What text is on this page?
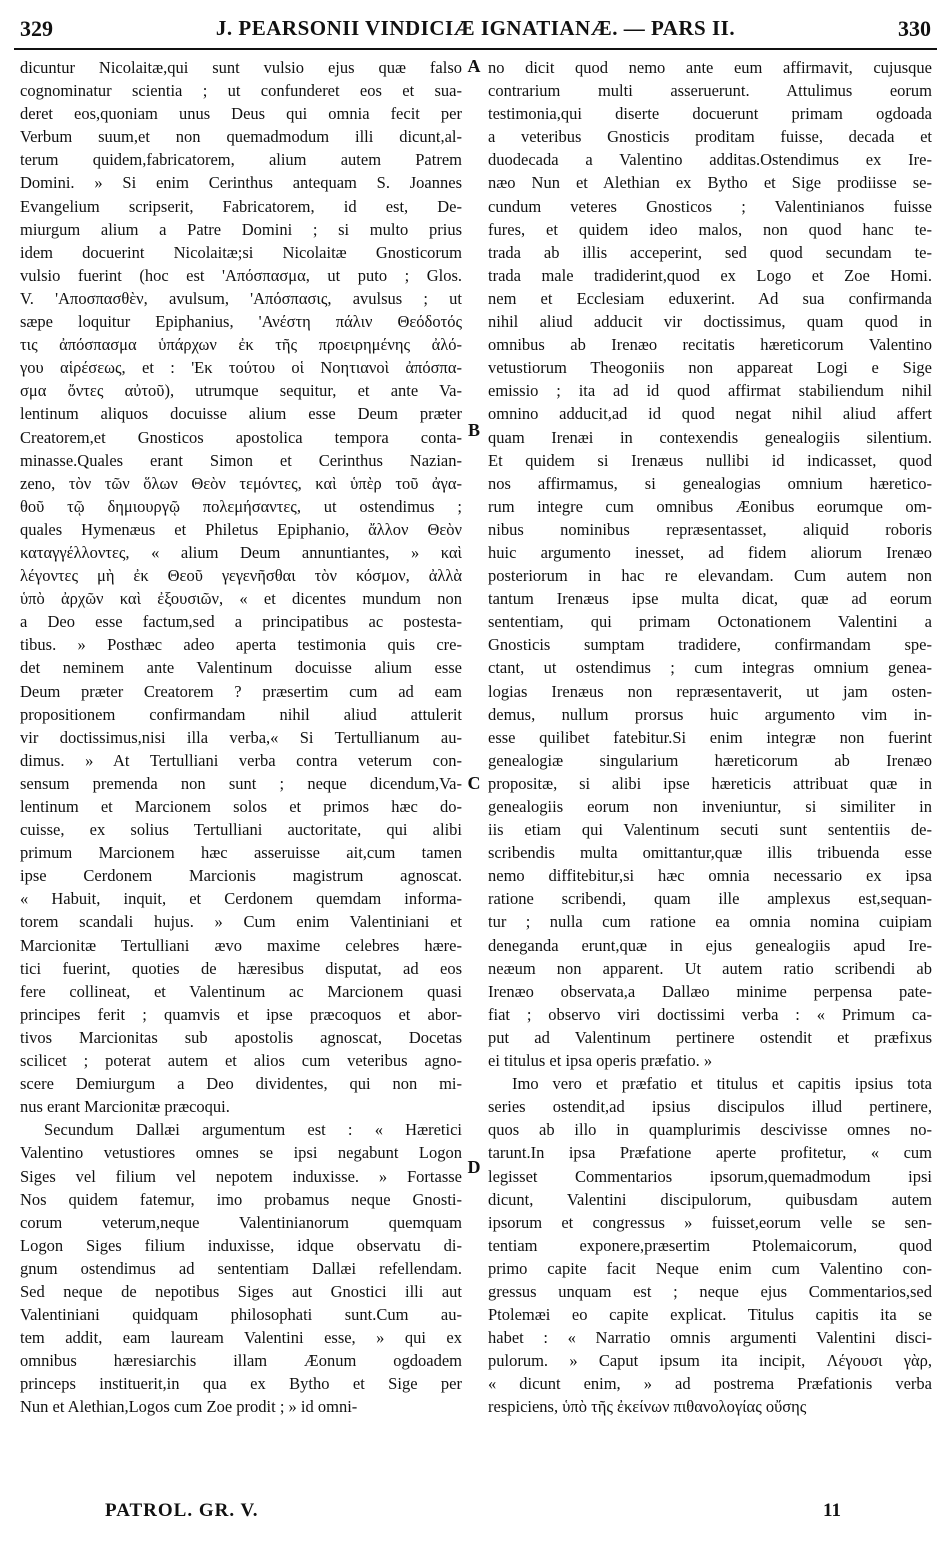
329	J. PEARSONII VINDICIÆ IGNATIANÆ. — PARS II.	330
dicuntur Nicolaitæ,qui sunt vulsio ejus quæ falso
cognominatur scientia ; ut confunderet eos et sua-
deret eos,quoniam unus Deus qui omnia fecit per
Verbum suum,et non quemadmodum illi dicunt,al-
terum quidem,fabricatorem, alium autem Patrem
Domini. » Si enim Cerinthus antequam S. Joannes
Evangelium scripserit, Fabricatorem, id est, De-
miurgum alium a Patre Domini ; si multo prius
idem docuerint Nicolaitæ;si Nicolaitæ Gnosticorum
vulsio fuerint (hoc est 'Απόσπασμα, ut puto ; Glos.
V. 'Αποσπασθὲν, avulsum, 'Απόσπασις, avulsus ; ut
sæpe loquitur Epiphanius, 'Ανέστη πάλιν Θεόδοτός
τις ἀπόσπασμα ὑπάρχων ἐκ τῆς προειρημένης ἀλό-
γου αἱρέσεως, et : 'Εκ τούτου οἱ Νοητιανοὶ ἀπόσπα-
σμα ὄντες αὐτοῦ), utrumque sequitur, et ante Va-
lentinum aliquos docuisse alium esse Deum præter
Creatorem,et Gnosticos apostolica tempora conta-
minasse.Quales erant Simon et Cerinthus Nazian-
zeno, τὸν τῶν ὅλων Θεὸν τεμόντες, καὶ ὑπὲρ τοῦ ἀγα-
θοῦ τῷ δημιουργῷ πολεμήσαντες, ut ostendimus ;
quales Hymenæus et Philetus Epiphanio, ἄλλον Θεὸν
καταγγέλλοντες, « alium Deum annuntiantes, » καὶ
λέγοντες μὴ ἐκ Θεοῦ γεγενῆσθαι τὸν κόσμον, ἀλλὰ
ὑπὸ ἀρχῶν καὶ ἐξουσιῶν, « et dicentes mundum non
a Deo esse factum,sed a principatibus ac postesta-
tibus. » Posthæc adeo aperta testimonia quis cre-
det neminem ante Valentinum docuisse alium esse
Deum præter Creatorem ? præsertim cum ad eam
propositionem confirmandam nihil aliud attulerit
vir doctissimus,nisi illa verba,« Si Tertullianum au-
dimus. » At Tertulliani verba contra veterum con-
sensum premenda non sunt ; neque dicendum,Va-
lentinum et Marcionem solos et primos hæc do-
cuisse, ex solius Tertulliani auctoritate, qui alibi
primum Marcionem hæc asseruisse ait,cum tamen
ipse Cerdonem Marcionis magistrum agnoscat.
« Habuit, inquit, et Cerdonem quemdam informa-
torem scandali hujus. » Cum enim Valentiniani et
Marcionitæ Tertulliani ævo maxime celebres hære-
tici fuerint, quoties de hæresibus disputat, ad eos
fere collineat, et Valentinum ac Marcionem quasi
principes ferit ; quamvis et ipse præcoquos et abor-
tivos Marcionitas sub apostolis agnoscat, Docetas
scilicet ; poterat autem et alios cum veteribus agno-
scere Demiurgum a Deo dividentes, qui non mi-
nus erant Marcionitæ præcoqui.
Secundum Dallæi argumentum est : « Hæretici
Valentino vetustiores omnes se ipsi negabunt Logon
Siges vel filium vel nepotem induxisse. » Fortasse
Nos quidem fatemur, imo probamus neque Gnosti-
corum veterum,neque Valentinianorum quemquam
Logon Siges filium induxisse, idque observatu di-
gnum ostendimus ad sententiam Dallæi refellendam.
Sed neque de nepotibus Siges aut Gnostici illi aut
Valentiniani quidquam philosophati sunt.Cum au-
tem addit, eam lauream Valentini esse, » qui ex
omnibus hæresiarchis illam Æonum ogdoadem
princeps instituerit,in qua ex Bytho et Sige per
Nun et Alethian,Logos cum Zoe prodit ; » id omni-
A
B
C
D
no dicit quod nemo ante eum affirmavit, cujusque
contrarium multi asseruerunt. Attulimus eorum
testimonia,qui diserte docuerunt primam ogdoada
a veteribus Gnosticis proditam fuisse, decada et
duodecada a Valentino additas.Ostendimus ex Ire-
næo Nun et Alethian ex Bytho et Sige prodiisse se-
cundum veteres Gnosticos ; Valentinianos fuisse
fures, et quidem ideo malos, non quod hanc te-
trada ab illis acceperint, sed quod secundam te-
trada male tradiderint,quod ex Logo et Zoe Homi.
nem et Ecclesiam eduxerint. Ad sua confirmanda
nihil aliud adducit vir doctissimus, quam quod in
omnibus ab Irenæo recitatis hæreticorum Valentino
vetustiorum Theogoniis non appareat Logi e Sige
emissio ; ita ad id quod affirmat stabiliendum nihil
omnino adducit,ad id quod negat nihil aliud affert
quam Irenæi in contexendis genealogiis silentium.
Et quidem si Irenæus nullibi id indicasset, quod
nos affirmamus, si genealogias omnium hæretico-
rum integre cum omnibus Æonibus eorumque om-
nibus nominibus repræsentasset, aliquid roboris
huic argumento inesset, ad fidem aliorum Irenæo
posteriorum in hac re elevandam. Cum autem non
tantum Irenæus ipse multa dicat, quæ ad eorum
sententiam, qui primam Octonationem Valentini a
Gnosticis sumptam tradidere, confirmandam spe-
ctant, ut ostendimus ; cum integras omnium genea-
logias Irenæus non repræsentaverit, ut jam osten-
demus, nullum prorsus huic argumento vim in-
esse quilibet fatebitur.Si enim integræ non fuerint
genealogiæ singularium hæreticorum ab Irenæo
propositæ, si alibi ipse hæreticis attribuat quæ in
genealogiis eorum non inveniuntur, si similiter in
iis etiam qui Valentinum secuti sunt sententiis de-
scribendis multa omittantur,quæ illis tribuenda esse
nemo diffitebitur,si hæc omnia necessario ex ipsa
ratione scribendi, quam ille amplexus est,sequan-
tur ; nulla cum ratione ea omnia nomina cuipiam
deneganda erunt,quæ in ejus genealogiis apud Ire-
neæum non apparent. Ut autem ratio scribendi ab
Irenæo observata,a Dallæo minime perpensa pate-
fiat ; observo viri doctissimi verba : « Primum ca-
put ad Valentinum pertinere ostendit et præfixus
ei titulus et ipsa operis præfatio. »
Imo vero et præfatio et titulus et capitis ipsius tota
series ostendit,ad ipsius discipulos illud pertinere,
quos ab illo in quamplurimis descivisse omnes no-
tarunt.In ipsa Præfatione aperte profitetur, « cum
legisset Commentarios ipsorum,quemadmodum ipsi
dicunt, Valentini discipulorum, quibusdam autem
ipsorum et congressus » fuisset,eorum velle se sen-
tentiam exponere,præsertim Ptolemaicorum, quod
primo capite facit Neque enim cum Valentino con-
gressus unquam est ; neque ejus Commentarios,sed
Ptolemæi eo capite explicat. Titulus capitis ita se
habet : « Narratio omnis argumenti Valentini disci-
pulorum. » Caput ipsum ita incipit, Λέγουσι γὰρ,
« dicunt enim, » ad postrema Præfationis verba
respiciens, ὑπὸ τῆς ἐκείνων πιθανολογίας οὔσης
PATROL. GR. V.	11
